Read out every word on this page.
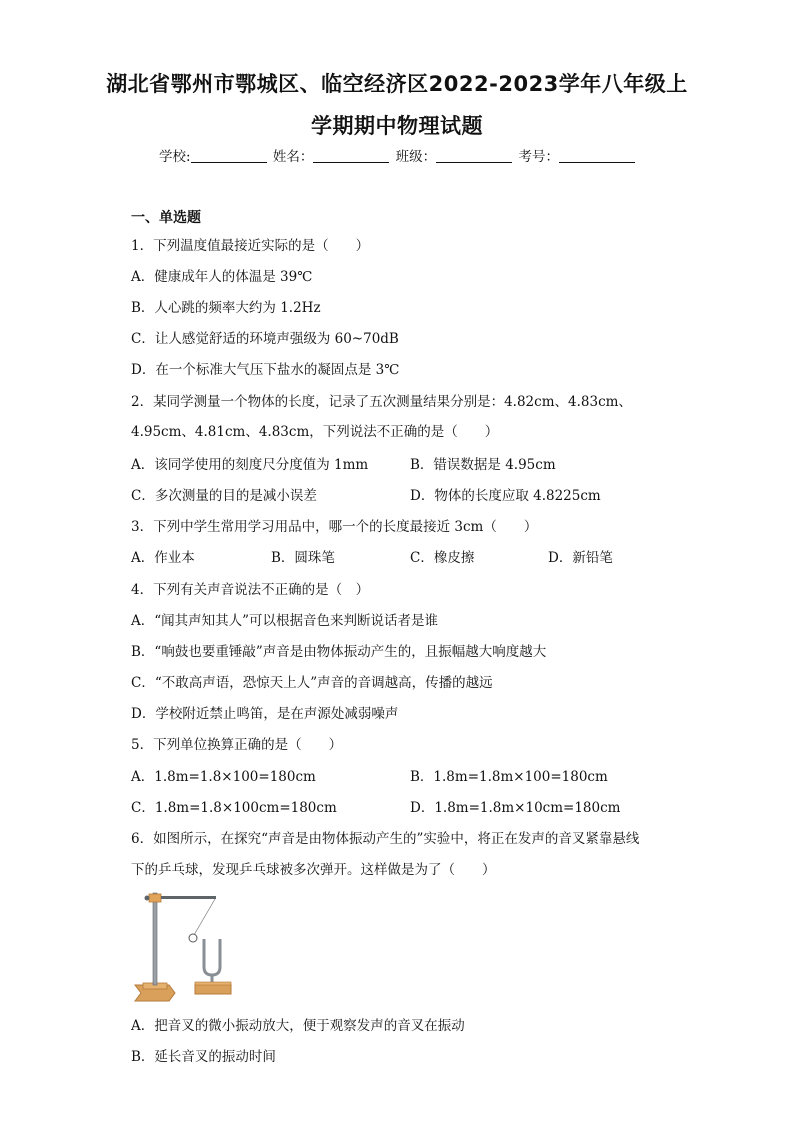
湖北省鄂州市鄂城区、临空经济区2022-2023学年八年级上
学期期中物理试题
学校:	姓名：	班级：	考号：
一、单选题
1．下列温度值最接近实际的是（　　）
A．健康成年人的体温是 39℃
B．人心跳的频率大约为 1.2Hz
C．让人感觉舒适的环境声强级为 60~70dB
D．在一个标准大气压下盐水的凝固点是 3℃
2．某同学测量一个物体的长度，记录了五次测量结果分别是：4.82cm、4.83cm、
4.95cm、4.81cm、4.83cm，下列说法不正确的是（　　）
A．该同学使用的刻度尺分度值为 1mm	B．错误数据是 4.95cm
C．多次测量的目的是减小误差	D．物体的长度应取 4.8225cm
3．下列中学生常用学习用品中，哪一个的长度最接近 3cm（　　）
A．作业本	B．圆珠笔	C．橡皮擦	D．新铅笔
4．下列有关声音说法不正确的是（　）
A．“闻其声知其人”可以根据音色来判断说话者是谁
B．“响鼓也要重锤敲”声音是由物体振动产生的，且振幅越大响度越大
C．“不敢高声语，恐惊天上人”声音的音调越高，传播的越远
D．学校附近禁止鸣笛，是在声源处减弱噪声
5．下列单位换算正确的是（　　）
A．1.8m=1.8×100=180cm	B．1.8m=1.8m×100=180cm
C．1.8m=1.8×100cm=180cm	D．1.8m=1.8m×10cm=180cm
6．如图所示，在探究“声音是由物体振动产生的”实验中，将正在发声的音叉紧靠悬线
下的乒乓球，发现乒乓球被多次弹开。这样做是为了（　　）
A．把音叉的微小振动放大，便于观察发声的音叉在振动
B．延长音叉的振动时间
